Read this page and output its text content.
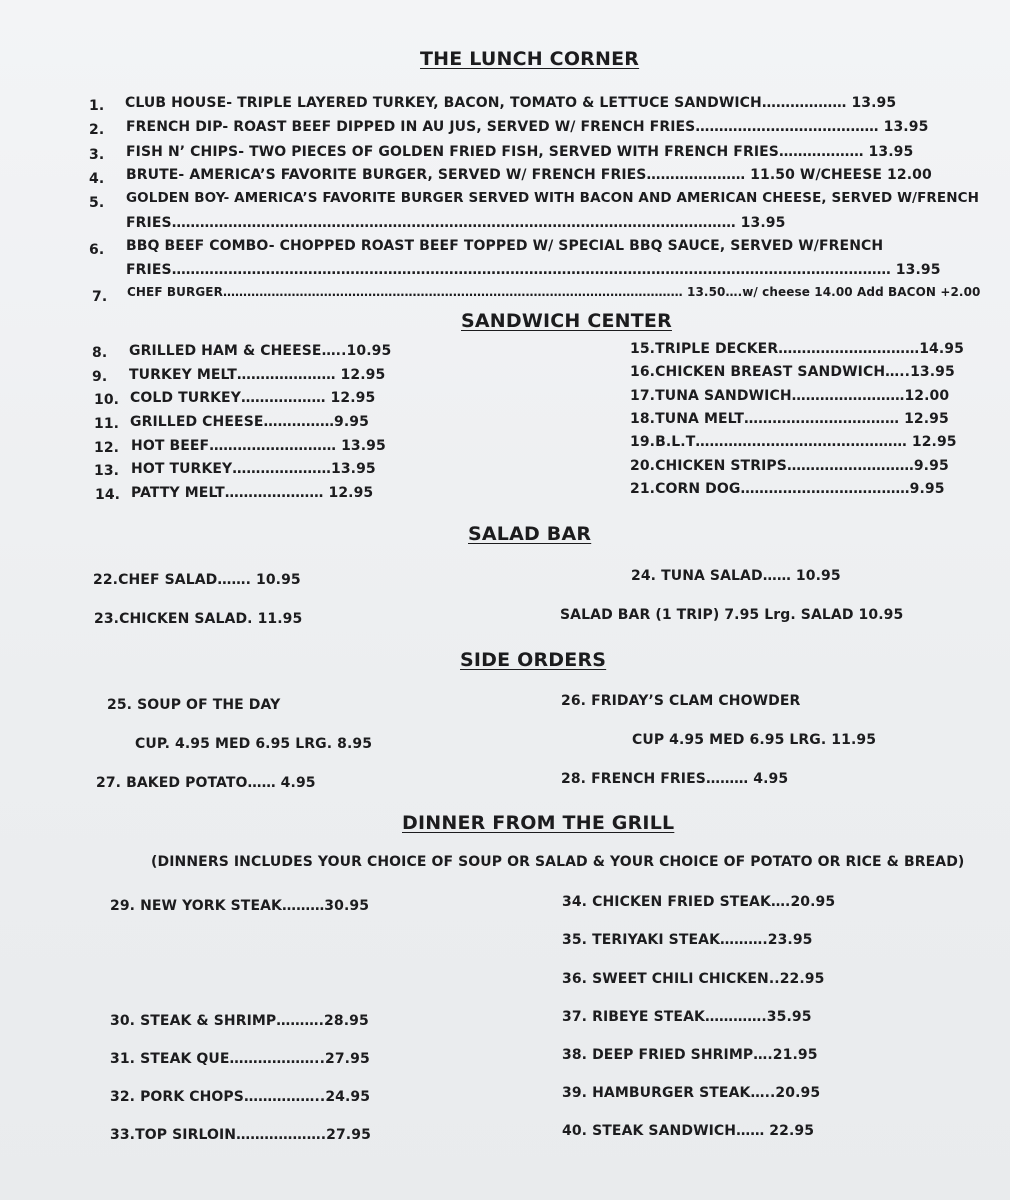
THE LUNCH CORNER
1. CLUB HOUSE- TRIPLE LAYERED TURKEY, BACON, TOMATO & LETTUCE SANDWICH……………… 13.95
2. FRENCH DIP- ROAST BEEF DIPPED IN AU JUS, SERVED W/ FRENCH FRIES………………………………… 13.95
3. FISH N’ CHIPS- TWO PIECES OF GOLDEN FRIED FISH, SERVED WITH FRENCH FRIES……………… 13.95
4. BRUTE- AMERICA’S FAVORITE BURGER, SERVED W/ FRENCH FRIES………………… 11.50 W/CHEESE 12.00
5. GOLDEN BOY- AMERICA’S FAVORITE BURGER SERVED WITH BACON AND AMERICAN CHEESE, SERVED W/FRENCH
FRIES………………………………………………………………………………………………………… 13.95
6. BBQ BEEF COMBO- CHOPPED ROAST BEEF TOPPED W/ SPECIAL BBQ SAUCE, SERVED W/FRENCH
FRIES……………………………………………………………………………………………………………………………………… 13.95
7. CHEF BURGER…………………………………………………………………………………………………… 13.50….w/ cheese 14.00 Add BACON +2.00
SANDWICH CENTER
8. GRILLED HAM & CHEESE…..10.95
9. TURKEY MELT………………… 12.95
10. COLD TURKEY……………… 12.95
11. GRILLED CHEESE……………9.95
12. HOT BEEF……………………… 13.95
13. HOT TURKEY…………………13.95
14. PATTY MELT………………… 12.95
15.TRIPLE DECKER…………………………14.95
16.CHICKEN BREAST SANDWICH…..13.95
17.TUNA SANDWICH……………………12.00
18.TUNA MELT…………………………… 12.95
19.B.L.T……………………………………… 12.95
20.CHICKEN STRIPS………………………9.95
21.CORN DOG………………………………9.95
SALAD BAR
22.CHEF SALAD……. 10.95	24. TUNA SALAD…… 10.95
23.CHICKEN SALAD. 11.95	SALAD BAR (1 TRIP) 7.95 Lrg. SALAD 10.95
SIDE ORDERS
25. SOUP OF THE DAY
CUP. 4.95 MED 6.95 LRG. 8.95
26. FRIDAY’S CLAM CHOWDER
CUP 4.95 MED 6.95 LRG. 11.95
27. BAKED POTATO…… 4.95	28. FRENCH FRIES……… 4.95
DINNER FROM THE GRILL
(DINNERS INCLUDES YOUR CHOICE OF SOUP OR SALAD & YOUR CHOICE OF POTATO OR RICE & BREAD)
29. NEW YORK STEAK………30.95
30. STEAK & SHRIMP……….28.95
31. STEAK QUE………………..27.95
32. PORK CHOPS……………..24.95
33.TOP SIRLOIN……………….27.95
34. CHICKEN FRIED STEAK….20.95
35. TERIYAKI STEAK……….23.95
36. SWEET CHILI CHICKEN..22.95
37. RIBEYE STEAK………….35.95
38. DEEP FRIED SHRIMP….21.95
39. HAMBURGER STEAK…..20.95
40. STEAK SANDWICH…… 22.95
